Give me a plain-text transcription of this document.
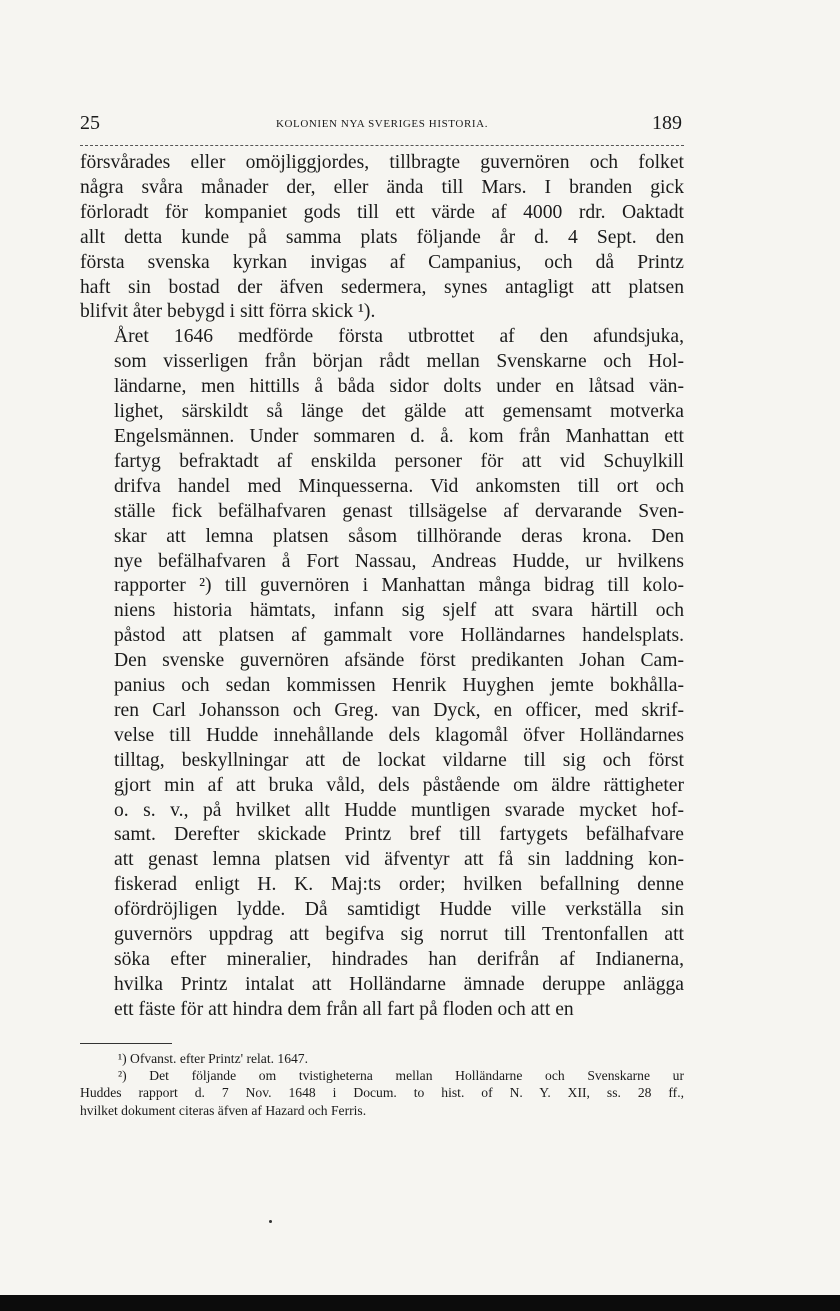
25	KOLONIEN NYA SVERIGES HISTORIA.	189

försvårades eller omöjliggjordes, tillbragte guvernören och folket
några svåra månader der, eller ända till Mars. I branden gick
förloradt för kompaniet gods till ett värde af 4000 rdr. Oaktadt
allt detta kunde på samma plats följande år d. 4 Sept. den
första svenska kyrkan invigas af Campanius, och då Printz
haft sin bostad der äfven sedermera, synes antagligt att platsen
blifvit åter bebygd i sitt förra skick ¹).

Året 1646 medförde första utbrottet af den afundsjuka,
som visserligen från början rådt mellan Svenskarne och Hol-
ländarne, men hittills å båda sidor dolts under en låtsad vän-
lighet, särskildt så länge det gälde att gemensamt motverka
Engelsmännen. Under sommaren d. å. kom från Manhattan ett
fartyg befraktadt af enskilda personer för att vid Schuylkill
drifva handel med Minquesserna. Vid ankomsten till ort och
ställe fick befälhafvaren genast tillsägelse af dervarande Sven-
skar att lemna platsen såsom tillhörande deras krona. Den
nye befälhafvaren å Fort Nassau, Andreas Hudde, ur hvilkens
rapporter ²) till guvernören i Manhattan många bidrag till kolo-
niens historia hämtats, infann sig sjelf att svara härtill och
påstod att platsen af gammalt vore Holländarnes handelsplats.
Den svenske guvernören afsände först predikanten Johan Cam-
panius och sedan kommissen Henrik Huyghen jemte bokhålla-
ren Carl Johansson och Greg. van Dyck, en officer, med skrif-
velse till Hudde innehållande dels klagomål öfver Holländarnes
tilltag, beskyllningar att de lockat vildarne till sig och först
gjort min af att bruka våld, dels påståendе om äldre rättigheter
o. s. v., på hvilket allt Hudde muntligen svarade mycket hof-
samt. Derefter skickade Printz bref till fartygets befälhafvare
att genast lemna platsen vid äfventyr att få sin laddning kon-
fiskerad enligt H. K. Maj:ts order; hvilken befallning denne
ofördröjligen lydde. Då samtidigt Hudde ville verkställa sin
guvernörs uppdrag att begifva sig norrut till Trentonfallen att
söka efter mineralier, hindrades han derifrån af Indianerna,
hvilka Printz intalat att Holländarne ämnade deruppe anlägga
ett fäste för att hindra dem från all fart på floden och att en

¹) Ofvanst. efter Printz' relat. 1647.
²) Det följande om tvistigheterna mellan Holländarne och Svenskarne ur
Huddes rapport d. 7 Nov. 1648 i Docum. to hist. of N. Y. XII, ss. 28 ff.,
hvilket dokument citeras äfven af Hazard och Ferris.
